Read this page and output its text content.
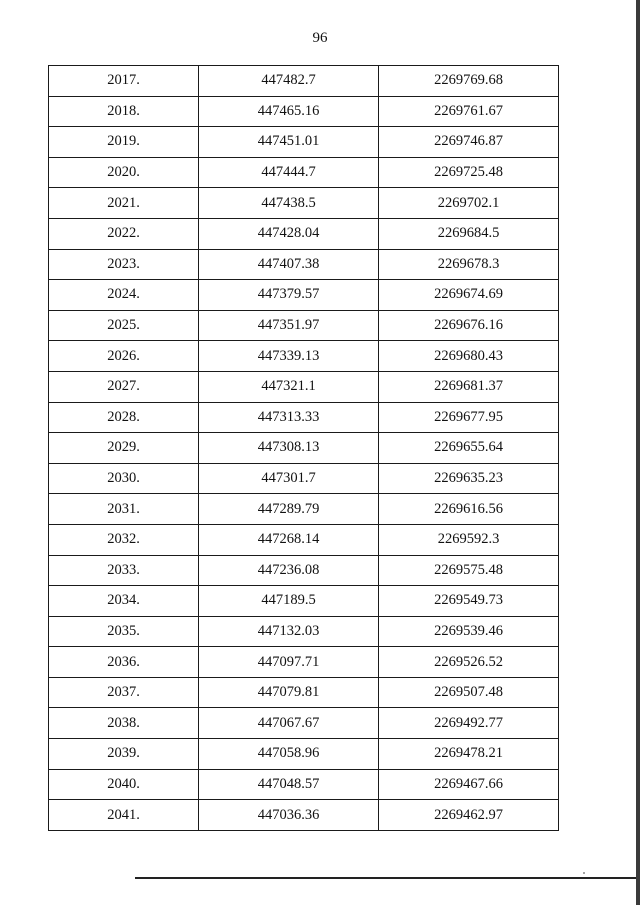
96
2017.	447482.7	2269769.68
2018.	447465.16	2269761.67
2019.	447451.01	2269746.87
2020.	447444.7	2269725.48
2021.	447438.5	2269702.1
2022.	447428.04	2269684.5
2023.	447407.38	2269678.3
2024.	447379.57	2269674.69
2025.	447351.97	2269676.16
2026.	447339.13	2269680.43
2027.	447321.1	2269681.37
2028.	447313.33	2269677.95
2029.	447308.13	2269655.64
2030.	447301.7	2269635.23
2031.	447289.79	2269616.56
2032.	447268.14	2269592.3
2033.	447236.08	2269575.48
2034.	447189.5	2269549.73
2035.	447132.03	2269539.46
2036.	447097.71	2269526.52
2037.	447079.81	2269507.48
2038.	447067.67	2269492.77
2039.	447058.96	2269478.21
2040.	447048.57	2269467.66
2041.	447036.36	2269462.97
